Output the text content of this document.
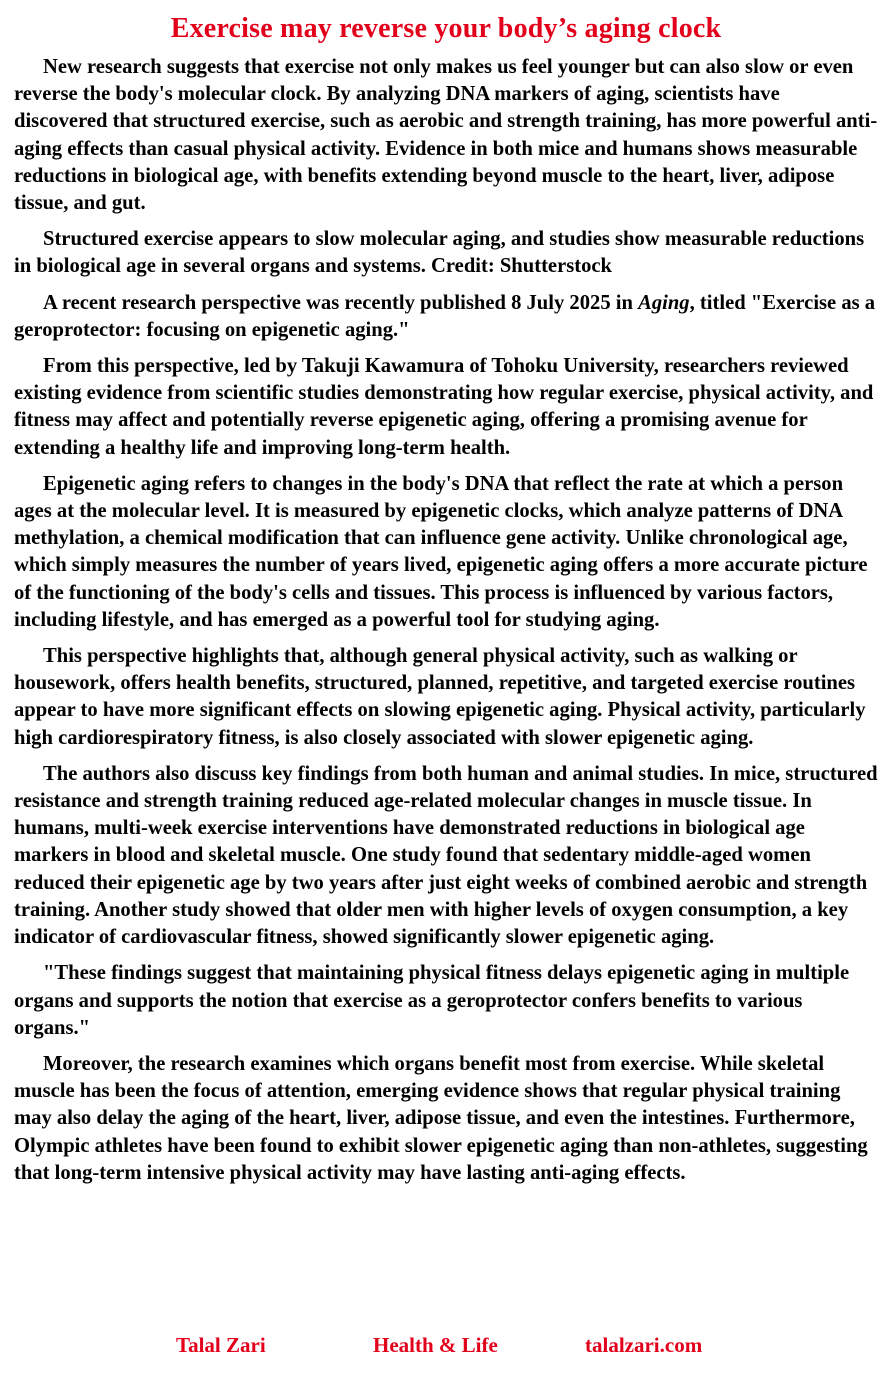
Exercise may reverse your body’s aging clock

New research suggests that exercise not only makes us feel younger but can also slow or even reverse the body's molecular clock. By analyzing DNA markers of aging, scientists have discovered that structured exercise, such as aerobic and strength training, has more powerful anti-aging effects than casual physical activity. Evidence in both mice and humans shows measurable reductions in biological age, with benefits extending beyond muscle to the heart, liver, adipose tissue, and gut.

Structured exercise appears to slow molecular aging, and studies show measurable reductions in biological age in several organs and systems. Credit: Shutterstock

A recent research perspective was recently published 8 July 2025 in Aging, titled "Exercise as a geroprotector: focusing on epigenetic aging."

From this perspective, led by Takuji Kawamura of Tohoku University, researchers reviewed existing evidence from scientific studies demonstrating how regular exercise, physical activity, and fitness may affect and potentially reverse epigenetic aging, offering a promising avenue for extending a healthy life and improving long-term health.

Epigenetic aging refers to changes in the body's DNA that reflect the rate at which a person ages at the molecular level. It is measured by epigenetic clocks, which analyze patterns of DNA methylation, a chemical modification that can influence gene activity. Unlike chronological age, which simply measures the number of years lived, epigenetic aging offers a more accurate picture of the functioning of the body's cells and tissues. This process is influenced by various factors, including lifestyle, and has emerged as a powerful tool for studying aging.

This perspective highlights that, although general physical activity, such as walking or housework, offers health benefits, structured, planned, repetitive, and targeted exercise routines appear to have more significant effects on slowing epigenetic aging. Physical activity, particularly high cardiorespiratory fitness, is also closely associated with slower epigenetic aging.

The authors also discuss key findings from both human and animal studies. In mice, structured resistance and strength training reduced age-related molecular changes in muscle tissue. In humans, multi-week exercise interventions have demonstrated reductions in biological age markers in blood and skeletal muscle. One study found that sedentary middle-aged women reduced their epigenetic age by two years after just eight weeks of combined aerobic and strength training. Another study showed that older men with higher levels of oxygen consumption, a key indicator of cardiovascular fitness, showed significantly slower epigenetic aging.

"These findings suggest that maintaining physical fitness delays epigenetic aging in multiple organs and supports the notion that exercise as a geroprotector confers benefits to various organs."

Moreover, the research examines which organs benefit most from exercise. While skeletal muscle has been the focus of attention, emerging evidence shows that regular physical training may also delay the aging of the heart, liver, adipose tissue, and even the intestines. Furthermore, Olympic athletes have been found to exhibit slower epigenetic aging than non-athletes, suggesting that long-term intensive physical activity may have lasting anti-aging effects.

Talal Zari	Health & Life	talalzari.com
